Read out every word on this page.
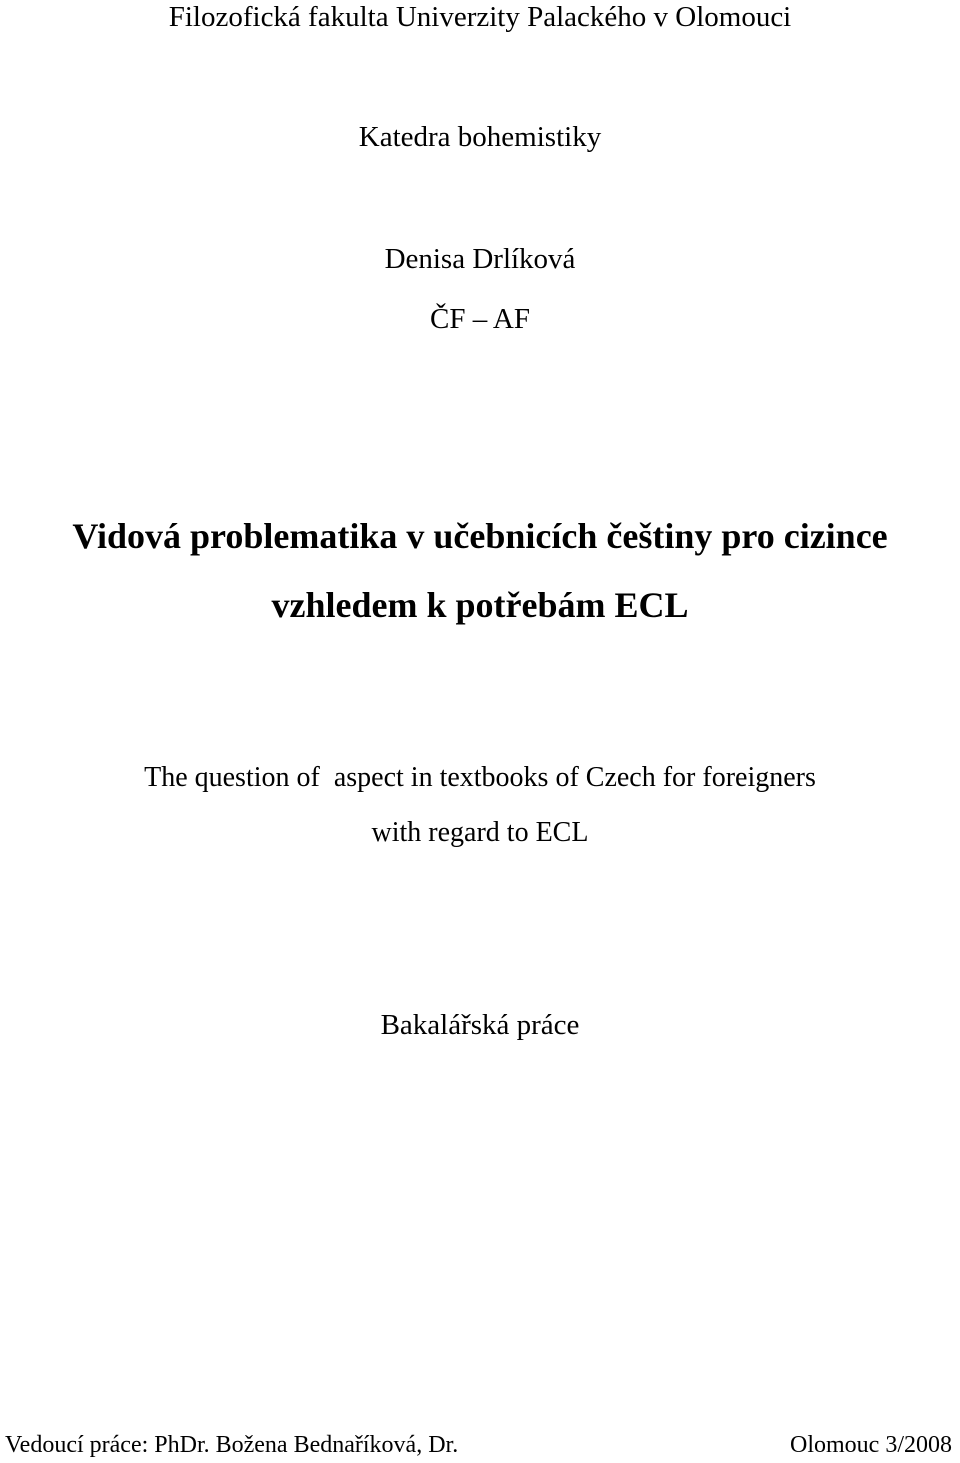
Filozofická fakulta Univerzity Palackého v Olomouci
Katedra bohemistiky
Denisa Drlíková
ČF – AF
Vidová problematika v učebnicích češtiny pro cizince
vzhledem k potřebám ECL
The question of  aspect in textbooks of Czech for foreigners
with regard to ECL
Bakalářská práce
Vedoucí práce: PhDr. Božena Bednaříková, Dr.	Olomouc 3/2008
